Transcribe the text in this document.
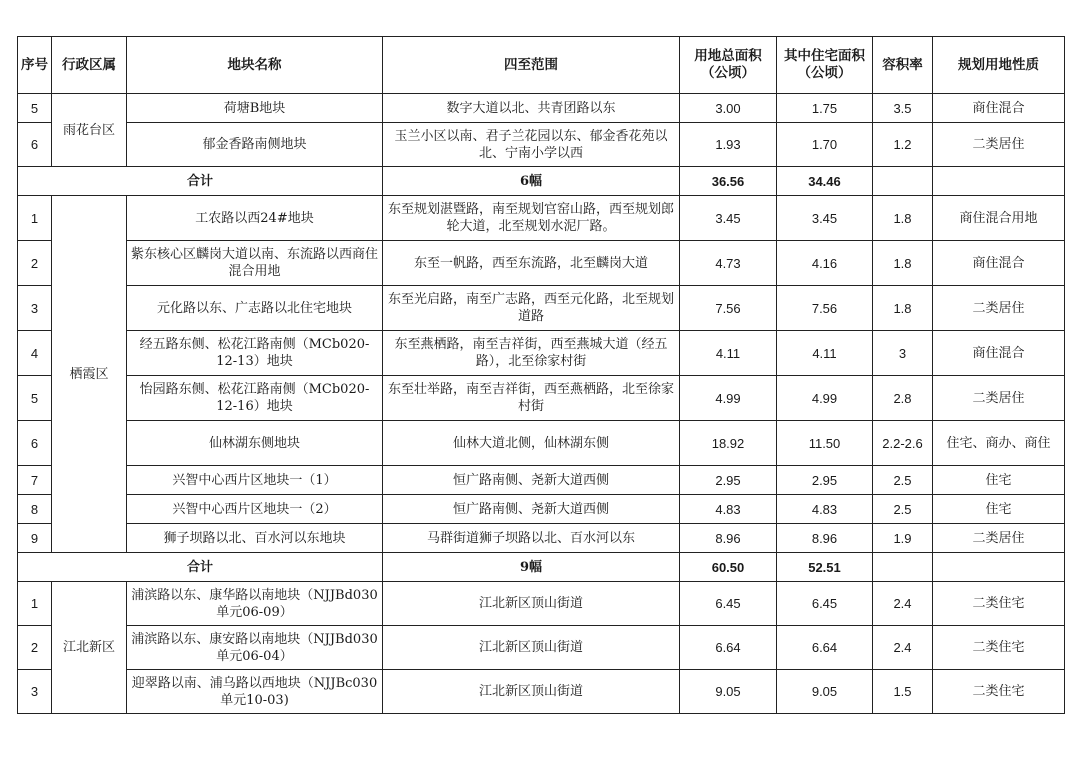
序号	行政区属	地块名称	四至范围	用地总面积（公顷）	其中住宅面积（公顷）	容积率	规划用地性质
5	雨花台区	荷塘B地块	数字大道以北、共青团路以东	3.00	1.75	3.5	商住混合
6		郁金香路南侧地块	玉兰小区以南、君子兰花园以东、郁金香花苑以北、宁南小学以西	1.93	1.70	1.2	二类居住
合计			6幅	36.56	34.46		
1	栖霞区	工农路以西24#地块	东至规划湛暨路，南至规划官窑山路，西至规划郎轮大道，北至规划水泥厂路。	3.45	3.45	1.8	商住混合用地
2		紫东核心区麟岗大道以南、东流路以西商住混合用地	东至一帆路，西至东流路，北至麟岗大道	4.73	4.16	1.8	商住混合
3		元化路以东、广志路以北住宅地块	东至光启路，南至广志路，西至元化路，北至规划道路	7.56	7.56	1.8	二类居住
4		经五路东侧、松花江路南侧（MCb020-12-13）地块	东至燕栖路，南至吉祥街，西至燕城大道（经五路），北至徐家村街	4.11	4.11	3	商住混合
5		怡园路东侧、松花江路南侧（MCb020-12-16）地块	东至壮举路，南至吉祥街，西至燕栖路，北至徐家村街	4.99	4.99	2.8	二类居住
6		仙林湖东侧地块	仙林大道北侧，仙林湖东侧	18.92	11.50	2.2-2.6	住宅、商办、商住
7		兴智中心西片区地块一（1）	恒广路南侧、尧新大道西侧	2.95	2.95	2.5	住宅
8		兴智中心西片区地块一（2）	恒广路南侧、尧新大道西侧	4.83	4.83	2.5	住宅
9		狮子坝路以北、百水河以东地块	马群街道狮子坝路以北、百水河以东	8.96	8.96	1.9	二类居住
合计			9幅	60.50	52.51		
1	江北新区	浦滨路以东、康华路以南地块（NJJBd030单元06-09）	江北新区顶山街道	6.45	6.45	2.4	二类住宅
2		浦滨路以东、康安路以南地块（NJJBd030单元06-04）	江北新区顶山街道	6.64	6.64	2.4	二类住宅
3		迎翠路以南、浦乌路以西地块（NJJBc030单元10-03)	江北新区顶山街道	9.05	9.05	1.5	二类住宅
